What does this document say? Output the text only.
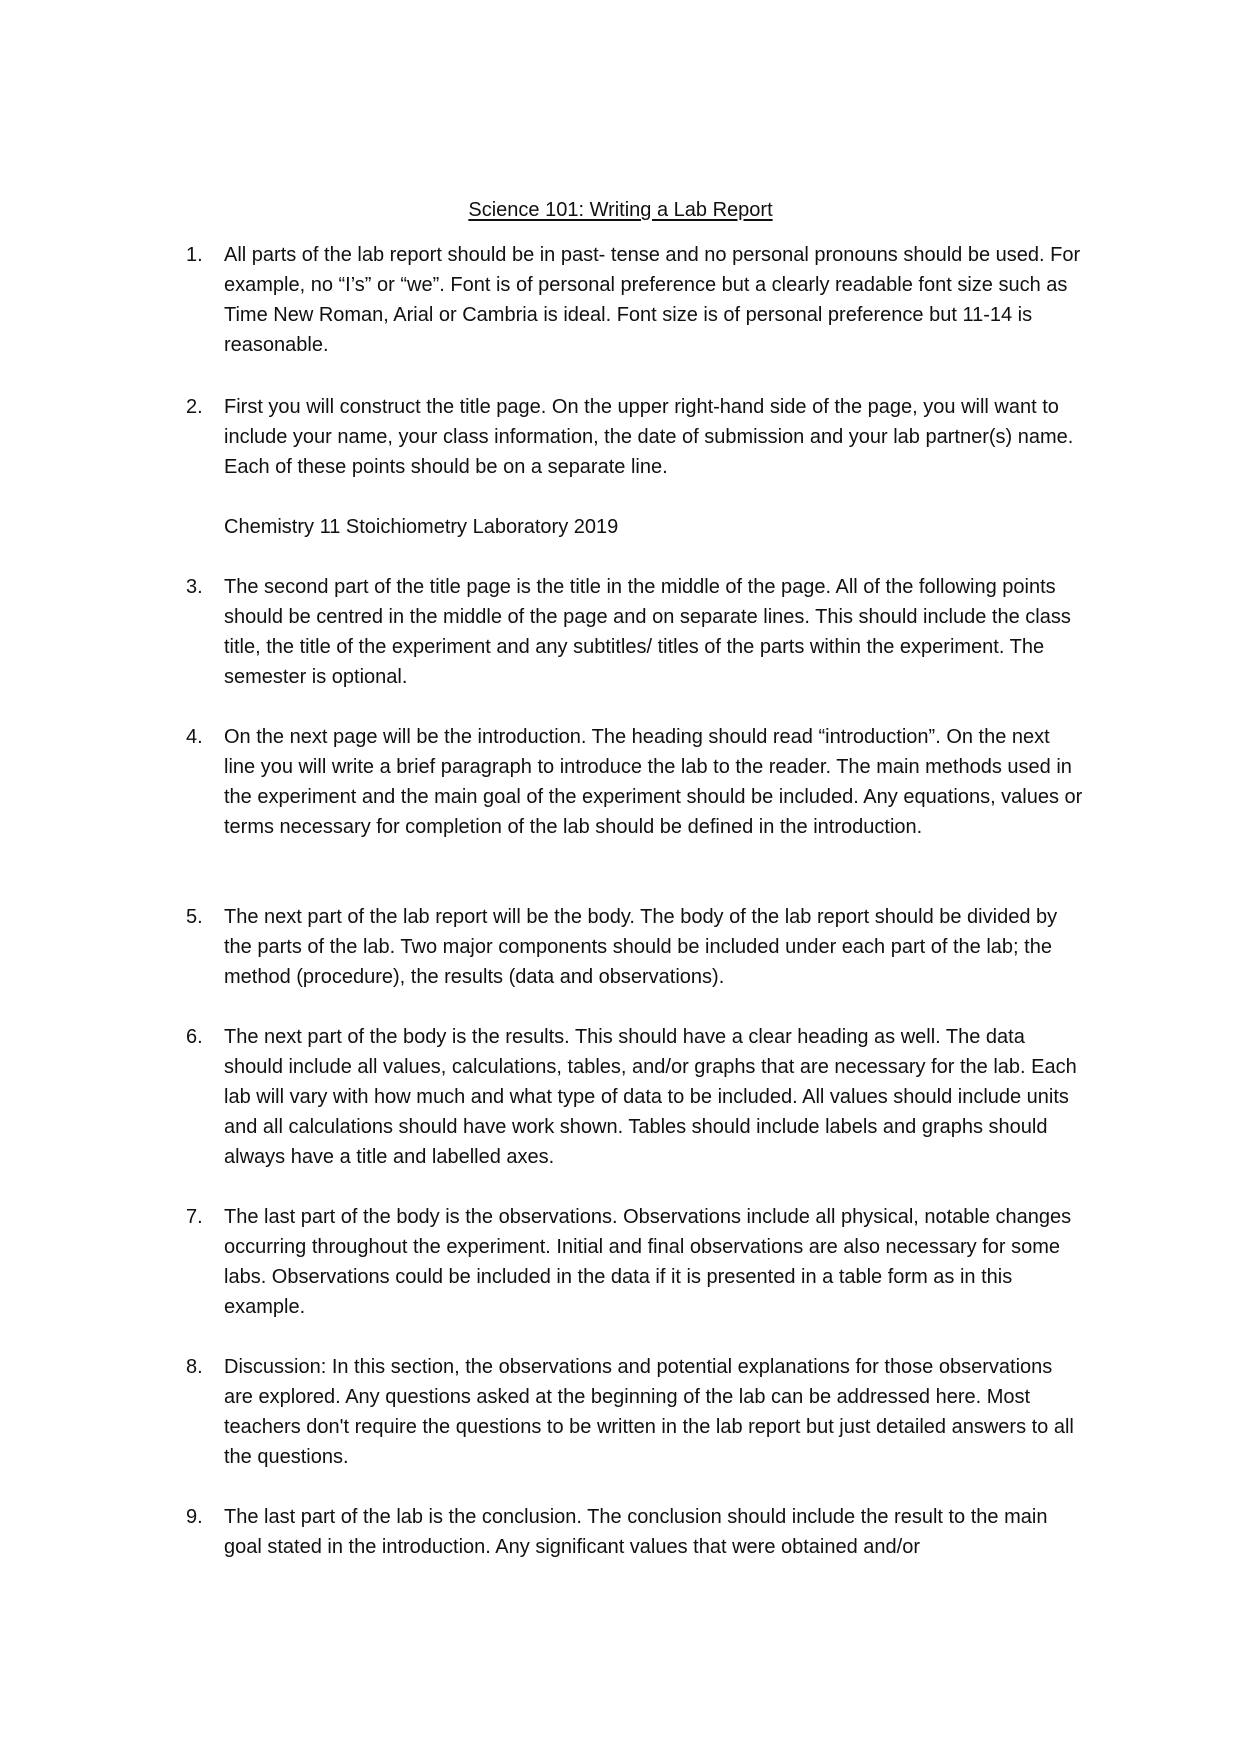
Science 101: Writing a Lab Report
1.	All parts of the lab report should be in past- tense and no personal pronouns should be used. For example, no “I’s” or “we”. Font is of personal preference but a clearly readable font size such as Time New Roman, Arial or Cambria is ideal. Font size is of personal preference but 11-14 is reasonable.
2.	First you will construct the title page. On the upper right-hand side of the page, you will want to include your name, your class information, the date of submission and your lab partner(s) name. Each of these points should be on a separate line.
Chemistry 11 Stoichiometry Laboratory 2019
3.	The second part of the title page is the title in the middle of the page. All of the following points should be centred in the middle of the page and on separate lines. This should include the class title, the title of the experiment and any subtitles/ titles of the parts within the experiment. The semester is optional.
4.	On the next page will be the introduction. The heading should read “introduction”. On the next line you will write a brief paragraph to introduce the lab to the reader. The main methods used in the experiment and the main goal of the experiment should be included. Any equations, values or terms necessary for completion of the lab should be defined in the introduction.
5.	The next part of the lab report will be the body. The body of the lab report should be divided by the parts of the lab. Two major components should be included under each part of the lab; the method (procedure), the results (data and observations).
6.	The next part of the body is the results. This should have a clear heading as well. The data should include all values, calculations, tables, and/or graphs that are necessary for the lab. Each lab will vary with how much and what type of data to be included. All values should include units and all calculations should have work shown. Tables should include labels and graphs should always have a title and labelled axes.
7.	The last part of the body is the observations. Observations include all physical, notable changes occurring throughout the experiment. Initial and final observations are also necessary for some labs. Observations could be included in the data if it is presented in a table form as in this example.
8.	Discussion: In this section, the observations and potential explanations for those observations are explored. Any questions asked at the beginning of the lab can be addressed here. Most teachers don't require the questions to be written in the lab report but just detailed answers to all the questions.
9.	The last part of the lab is the conclusion. The conclusion should include the result to the main goal stated in the introduction. Any significant values that were obtained and/or
